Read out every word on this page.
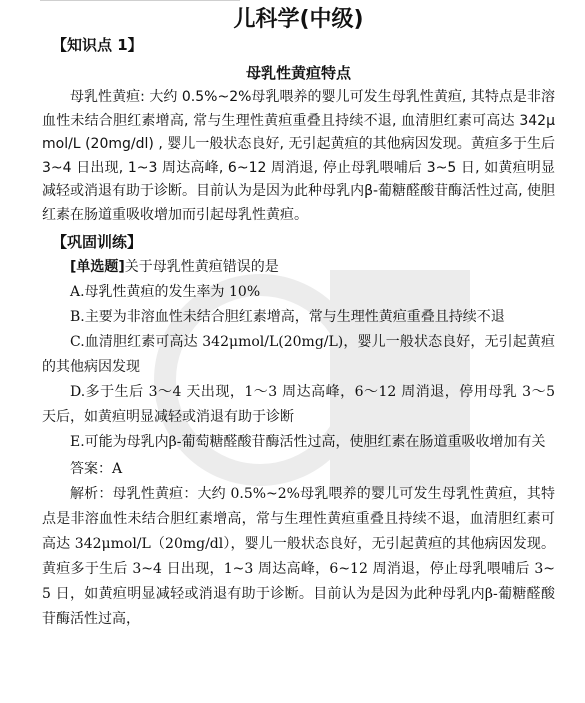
儿科学(中级)
【知识点 1】
母乳性黄疸特点

母乳性黄疸: 大约 0.5%~2%母乳喂养的婴儿可发生母乳性黄疸, 其特点是非溶血性未结合胆红素增高, 常与生理性黄疸重叠且持续不退, 血清胆红素可高达 342μmol/L (20mg/dl) , 婴儿一般状态良好, 无引起黄疸的其他病因发现。黄疸多于生后 3~4 日出现, 1~3 周达高峰, 6~12 周消退, 停止母乳喂哺后 3~5 日, 如黄疸明显减轻或消退有助于诊断。目前认为是因为此种母乳内β-葡糖醛酸苷酶活性过高, 使胆红素在肠道重吸收增加而引起母乳性黄疸。

【巩固训练】

[单选题]关于母乳性黄疸错误的是

A.母乳性黄疸的发生率为 10%

B.主要为非溶血性未结合胆红素增高，常与生理性黄疸重叠且持续不退

C.血清胆红素可高达 342μmol/L(20mg/L)，婴儿一般状态良好，无引起黄疸的其他病因发现

D.多于生后 3～4 天出现，1～3 周达高峰，6～12 周消退，停用母乳 3～5 天后，如黄疸明显减轻或消退有助于诊断

E.可能为母乳内β-葡萄糖醛酸苷酶活性过高，使胆红素在肠道重吸收增加有关

答案：A

解析：母乳性黄疸：大约 0.5%~2%母乳喂养的婴儿可发生母乳性黄疸，其特点是非溶血性未结合胆红素增高，常与生理性黄疸重叠且持续不退，血清胆红素可高达 342μmol/L（20mg/dl），婴儿一般状态良好，无引起黄疸的其他病因发现。黄疸多于生后 3~4 日出现，1~3 周达高峰，6~12 周消退，停止母乳喂哺后 3~5 日，如黄疸明显减轻或消退有助于诊断。目前认为是因为此种母乳内β-葡糖醛酸苷酶活性过高，
